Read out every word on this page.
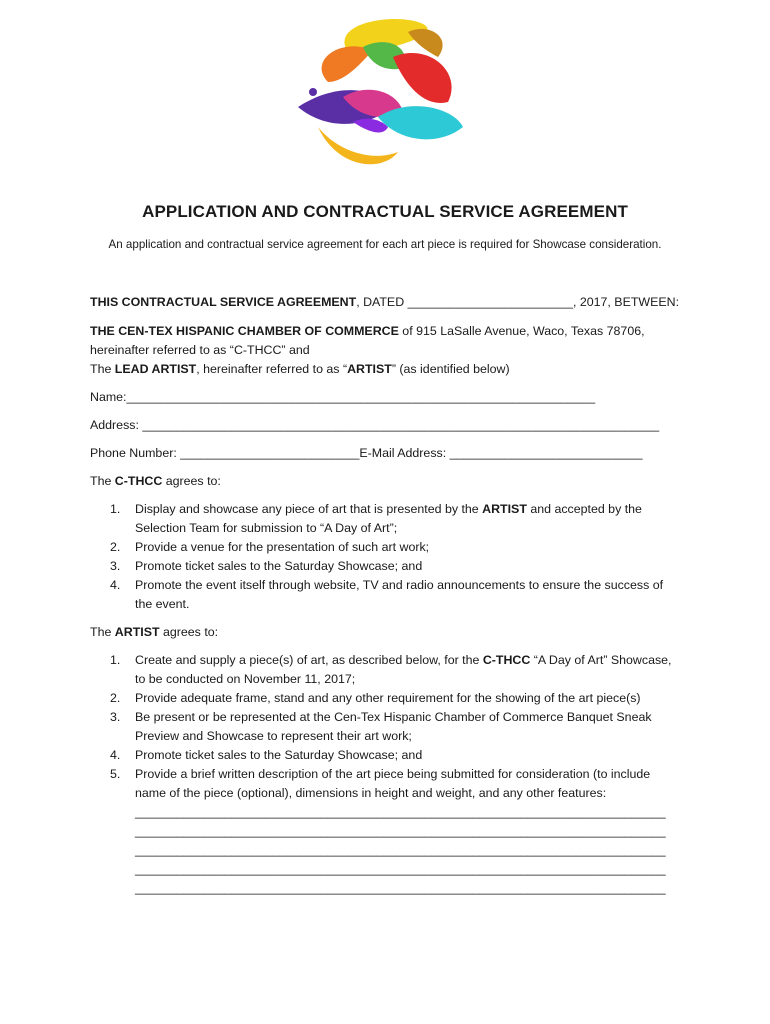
APPLICATION AND CONTRACTUAL SERVICE AGREEMENT
An application and contractual service agreement for each art piece is required for Showcase consideration.
THIS CONTRACTUAL SERVICE AGREEMENT, DATED ________________________, 2017, BETWEEN:
THE CEN-TEX HISPANIC CHAMBER OF COMMERCE of 915 LaSalle Avenue, Waco, Texas 78706,
hereinafter referred to as “C-THCC” and
The LEAD ARTIST, hereinafter referred to as “ARTIST” (as identified below)
Name:____________________________________________________________________
Address: ___________________________________________________________________________
Phone Number: __________________________E-Mail Address: ____________________________
The C-THCC agrees to:
1. Display and showcase any piece of art that is presented by the ARTIST and accepted by the
Selection Team for submission to “A Day of Art”;
2. Provide a venue for the presentation of such art work;
3. Promote ticket sales to the Saturday Showcase; and
4. Promote the event itself through website, TV and radio announcements to ensure the success of
the event.
The ARTIST agrees to:
1. Create and supply a piece(s) of art, as described below, for the C-THCC “A Day of Art” Showcase,
to be conducted on November 11, 2017;
2. Provide adequate frame, stand and any other requirement for the showing of the art piece(s)
3. Be present or be represented at the Cen-Tex Hispanic Chamber of Commerce Banquet Sneak
Preview and Showcase to represent their art work;
4. Promote ticket sales to the Saturday Showcase; and
5. Provide a brief written description of the art piece being submitted for consideration (to include
name of the piece (optional), dimensions in height and weight, and any other features:
_____________________________________________________________________________
_____________________________________________________________________________
_____________________________________________________________________________
_____________________________________________________________________________
_____________________________________________________________________________
